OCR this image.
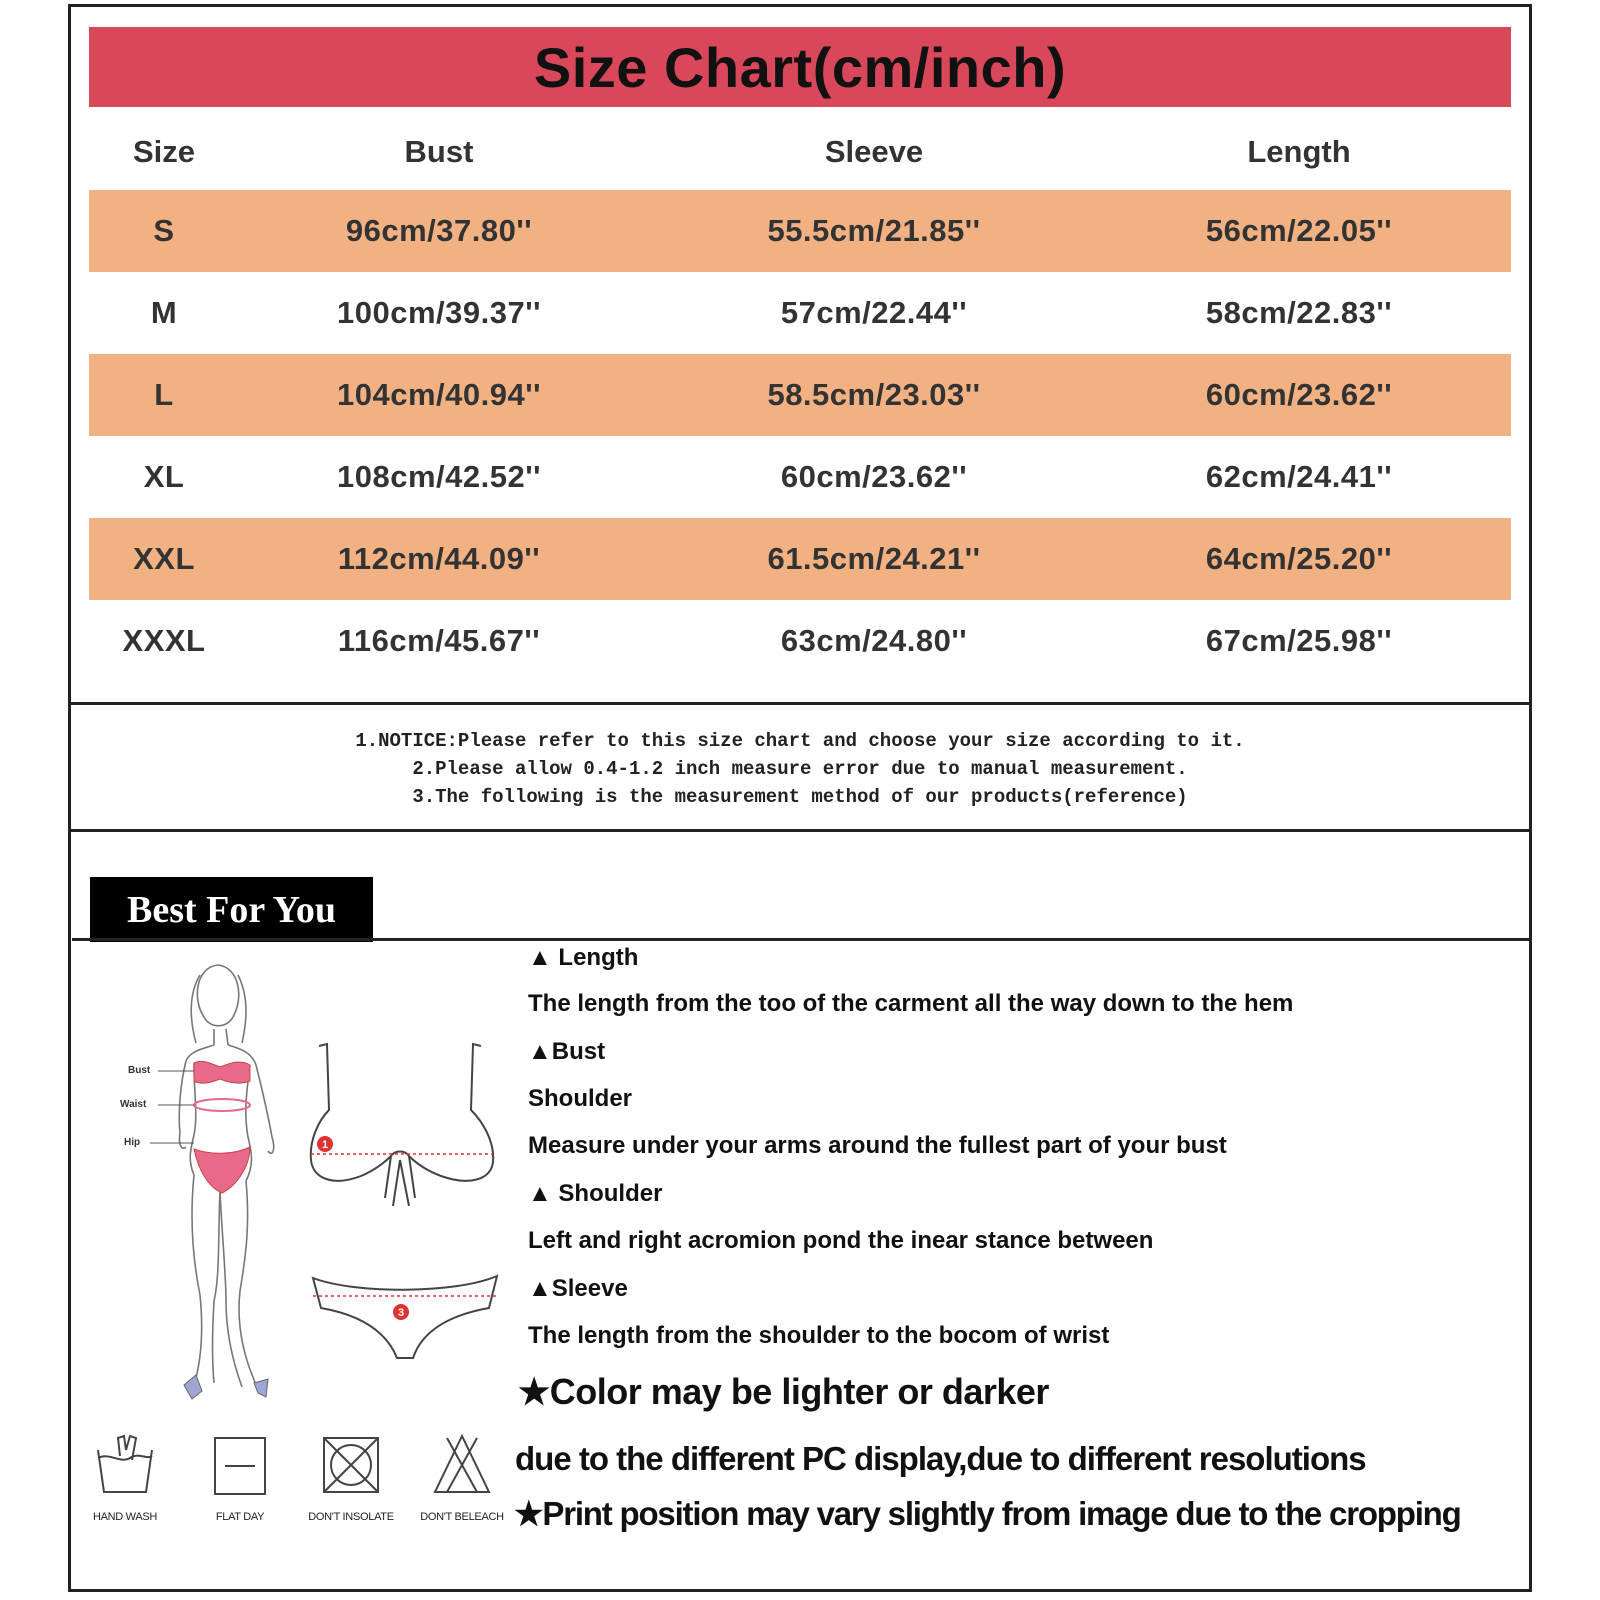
Size Chart(cm/inch)
Size	Bust	Sleeve	Length
S	96cm/37.80''	55.5cm/21.85''	56cm/22.05''
M	100cm/39.37''	57cm/22.44''	58cm/22.83''
L	104cm/40.94''	58.5cm/23.03''	60cm/23.62''
XL	108cm/42.52''	60cm/23.62''	62cm/24.41''
XXL	112cm/44.09''	61.5cm/24.21''	64cm/25.20''
XXXL	116cm/45.67''	63cm/24.80''	67cm/25.98''
1.NOTICE:Please refer to this size chart and choose your size according to it.
2.Please allow 0.4-1.2 inch measure error due to manual measurement.
3.The following is the measurement method of our products(reference)
Best For You
Bust
Waist
Hip	1
3
▲ Length
The length from the too of the carment all the way down to the hem
▲Bust
Shoulder
Measure under your arms around the fullest part of your bust
▲ Shoulder
Left and right acromion pond the inear stance between
▲Sleeve
The length from the shoulder to the bocom of wrist
★Color may be lighter or darker
due to the different PC display,due to different resolutions
★Print position may vary slightly from image due to the cropping
HAND WASH	FLAT DAY	DON'T INSOLATE	DON'T BELEACH
